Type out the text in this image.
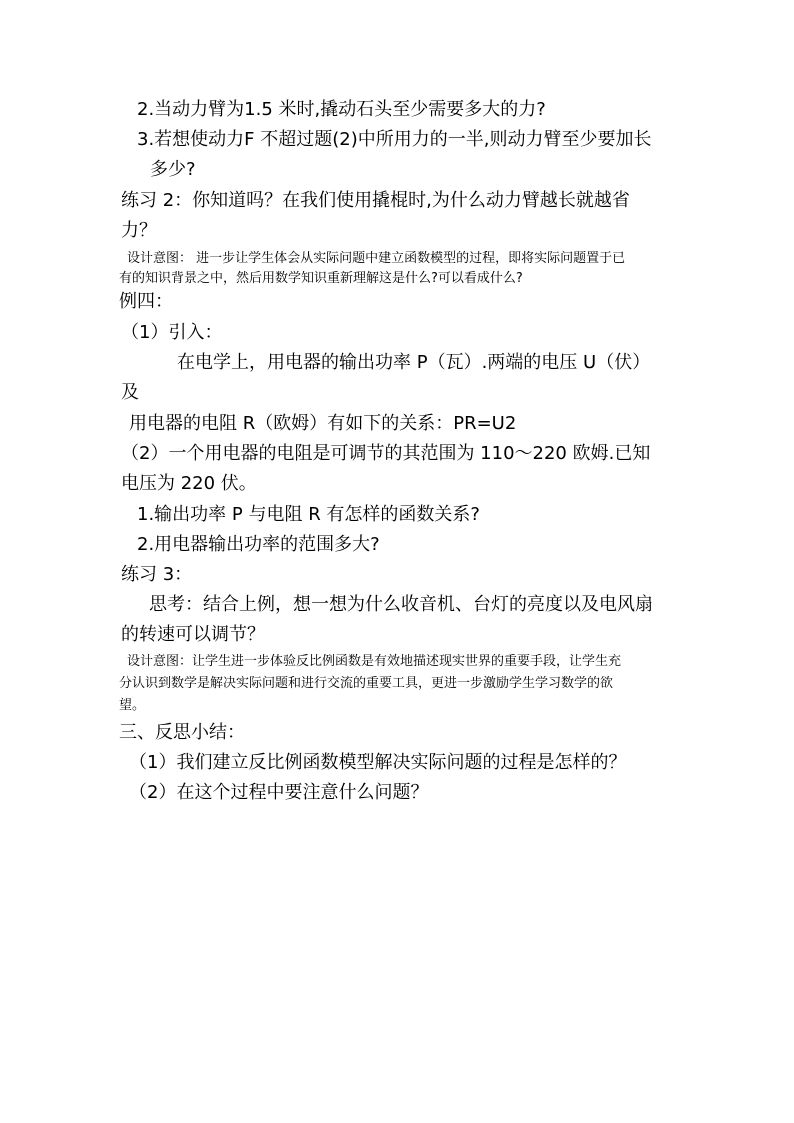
2.当动力臂为1.5 米时,撬动石头至少需要多大的力?
3.若想使动力F 不超过题(2)中所用力的一半,则动力臂至少要加长
多少?
练习 2：你知道吗？在我们使用撬棍时,为什么动力臂越长就越省
力？
设计意图： 进一步让学生体会从实际问题中建立函数模型的过程，即将实际问题置于已
有的知识背景之中，然后用数学知识重新理解这是什么?可以看成什么?
例四：
（1）引入：
在电学上，用电器的输出功率 P（瓦）.两端的电压 U（伏）
及
用电器的电阻 R（欧姆）有如下的关系：PR=U2
（2）一个用电器的电阻是可调节的其范围为 110～220 欧姆.已知
电压为 220 伏。
1.输出功率 P 与电阻 R 有怎样的函数关系?
2.用电器输出功率的范围多大?
练习 3：
思考：结合上例，想一想为什么收音机、台灯的亮度以及电风扇
的转速可以调节？
设计意图：让学生进一步体验反比例函数是有效地描述现实世界的重要手段，让学生充
分认识到数学是解决实际问题和进行交流的重要工具，更进一步激励学生学习数学的欲
望。
三、反思小结：
（1）我们建立反比例函数模型解决实际问题的过程是怎样的？
（2）在这个过程中要注意什么问题？
